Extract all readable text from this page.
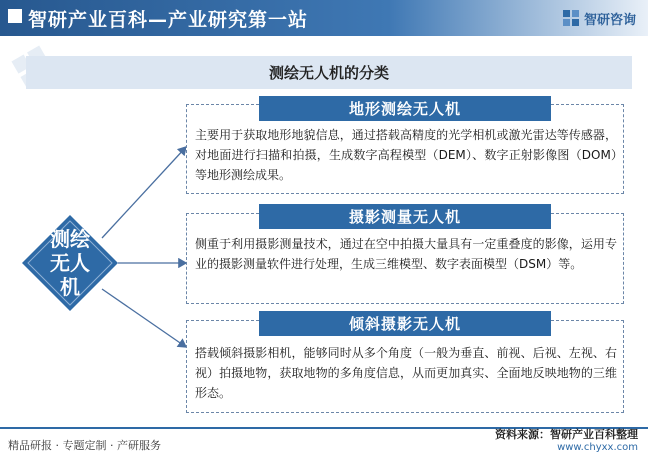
智研产业百科—产业研究第一站	智研咨询
测绘无人机的分类
测绘
无人
机
地形测绘无人机
主要用于获取地形地貌信息，通过搭载高精度的光学相机或激光雷达等传感器，对地面进行扫描和拍摄，生成数字高程模型（DEM）、数字正射影像图（DOM）等地形测绘成果。
摄影测量无人机
侧重于利用摄影测量技术，通过在空中拍摄大量具有一定重叠度的影像，运用专业的摄影测量软件进行处理，生成三维模型、数字表面模型（DSM）等。
倾斜摄影无人机
搭载倾斜摄影相机，能够同时从多个角度（一般为垂直、前视、后视、左视、右视）拍摄地物，获取地物的多角度信息，从而更加真实、全面地反映地物的三维形态。
精品研报 · 专题定制 · 产研服务
资料来源：智研产业百科整理
www.chyxx.com
